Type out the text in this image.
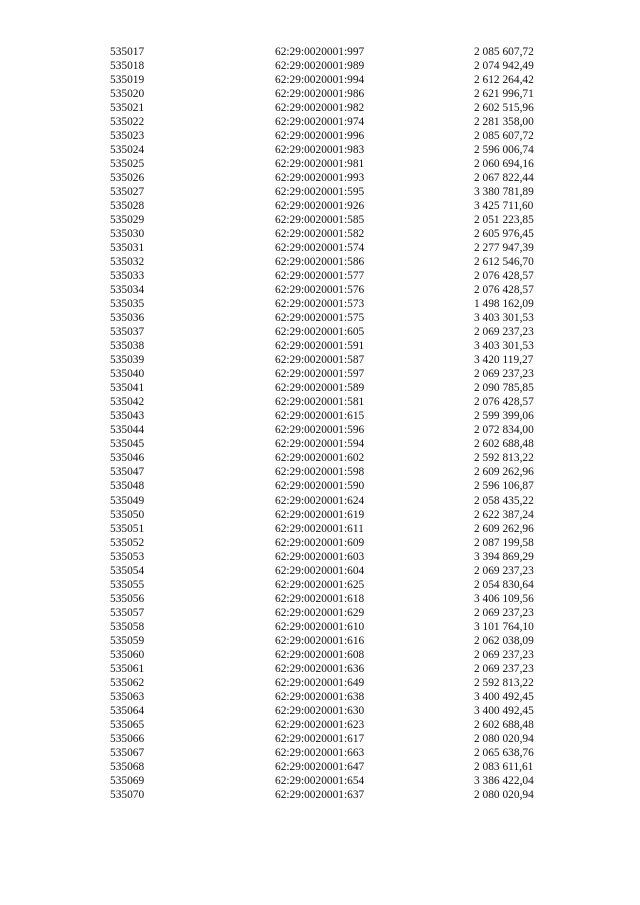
535017	62:29:0020001:997	2 085 607,72
535018	62:29:0020001:989	2 074 942,49
535019	62:29:0020001:994	2 612 264,42
535020	62:29:0020001:986	2 621 996,71
535021	62:29:0020001:982	2 602 515,96
535022	62:29:0020001:974	2 281 358,00
535023	62:29:0020001:996	2 085 607,72
535024	62:29:0020001:983	2 596 006,74
535025	62:29:0020001:981	2 060 694,16
535026	62:29:0020001:993	2 067 822,44
535027	62:29:0020001:595	3 380 781,89
535028	62:29:0020001:926	3 425 711,60
535029	62:29:0020001:585	2 051 223,85
535030	62:29:0020001:582	2 605 976,45
535031	62:29:0020001:574	2 277 947,39
535032	62:29:0020001:586	2 612 546,70
535033	62:29:0020001:577	2 076 428,57
535034	62:29:0020001:576	2 076 428,57
535035	62:29:0020001:573	1 498 162,09
535036	62:29:0020001:575	3 403 301,53
535037	62:29:0020001:605	2 069 237,23
535038	62:29:0020001:591	3 403 301,53
535039	62:29:0020001:587	3 420 119,27
535040	62:29:0020001:597	2 069 237,23
535041	62:29:0020001:589	2 090 785,85
535042	62:29:0020001:581	2 076 428,57
535043	62:29:0020001:615	2 599 399,06
535044	62:29:0020001:596	2 072 834,00
535045	62:29:0020001:594	2 602 688,48
535046	62:29:0020001:602	2 592 813,22
535047	62:29:0020001:598	2 609 262,96
535048	62:29:0020001:590	2 596 106,87
535049	62:29:0020001:624	2 058 435,22
535050	62:29:0020001:619	2 622 387,24
535051	62:29:0020001:611	2 609 262,96
535052	62:29:0020001:609	2 087 199,58
535053	62:29:0020001:603	3 394 869,29
535054	62:29:0020001:604	2 069 237,23
535055	62:29:0020001:625	2 054 830,64
535056	62:29:0020001:618	3 406 109,56
535057	62:29:0020001:629	2 069 237,23
535058	62:29:0020001:610	3 101 764,10
535059	62:29:0020001:616	2 062 038,09
535060	62:29:0020001:608	2 069 237,23
535061	62:29:0020001:636	2 069 237,23
535062	62:29:0020001:649	2 592 813,22
535063	62:29:0020001:638	3 400 492,45
535064	62:29:0020001:630	3 400 492,45
535065	62:29:0020001:623	2 602 688,48
535066	62:29:0020001:617	2 080 020,94
535067	62:29:0020001:663	2 065 638,76
535068	62:29:0020001:647	2 083 611,61
535069	62:29:0020001:654	3 386 422,04
535070	62:29:0020001:637	2 080 020,94
